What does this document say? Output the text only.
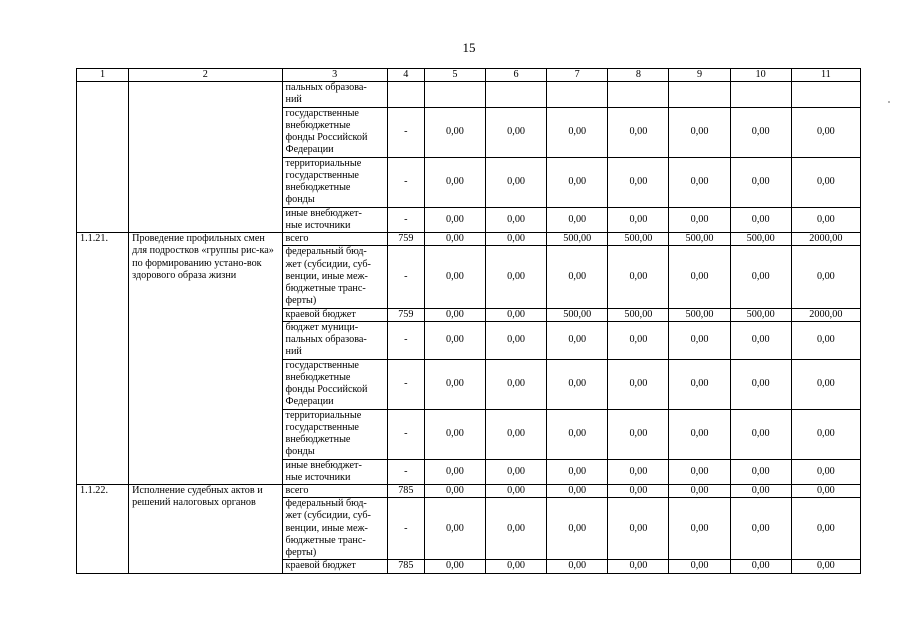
15
1	2	3	4	5	6	7	8	9	10	11
		пальных образова-
ний								
		государственные
внебюджетные
фонды Российской
Федерации	-	0,00	0,00	0,00	0,00	0,00	0,00	0,00
		территориальные
государственные
внебюджетные
фонды	-	0,00	0,00	0,00	0,00	0,00	0,00	0,00
		иные внебюджет-
ные источники	-	0,00	0,00	0,00	0,00	0,00	0,00	0,00
1.1.21.	Проведение профильных смен для подростков «группы рис-ка» по формированию устано-вок здорового образа жизни	всего	759	0,00	0,00	500,00	500,00	500,00	500,00	2000,00
		федеральный бюд-
жет (субсидии, суб-
венции, иные меж-
бюджетные транс-
ферты)	-	0,00	0,00	0,00	0,00	0,00	0,00	0,00
		краевой бюджет	759	0,00	0,00	500,00	500,00	500,00	500,00	2000,00
		бюджет муници-
пальных образова-
ний	-	0,00	0,00	0,00	0,00	0,00	0,00	0,00
		государственные
внебюджетные
фонды Российской
Федерации	-	0,00	0,00	0,00	0,00	0,00	0,00	0,00
		территориальные
государственные
внебюджетные
фонды	-	0,00	0,00	0,00	0,00	0,00	0,00	0,00
		иные внебюджет-
ные источники	-	0,00	0,00	0,00	0,00	0,00	0,00	0,00
1.1.22.	Исполнение судебных актов и решений налоговых органов	всего	785	0,00	0,00	0,00	0,00	0,00	0,00	0,00
		федеральный бюд-
жет (субсидии, суб-
венции, иные меж-
бюджетные транс-
ферты)	-	0,00	0,00	0,00	0,00	0,00	0,00	0,00
		краевой бюджет	785	0,00	0,00	0,00	0,00	0,00	0,00	0,00
